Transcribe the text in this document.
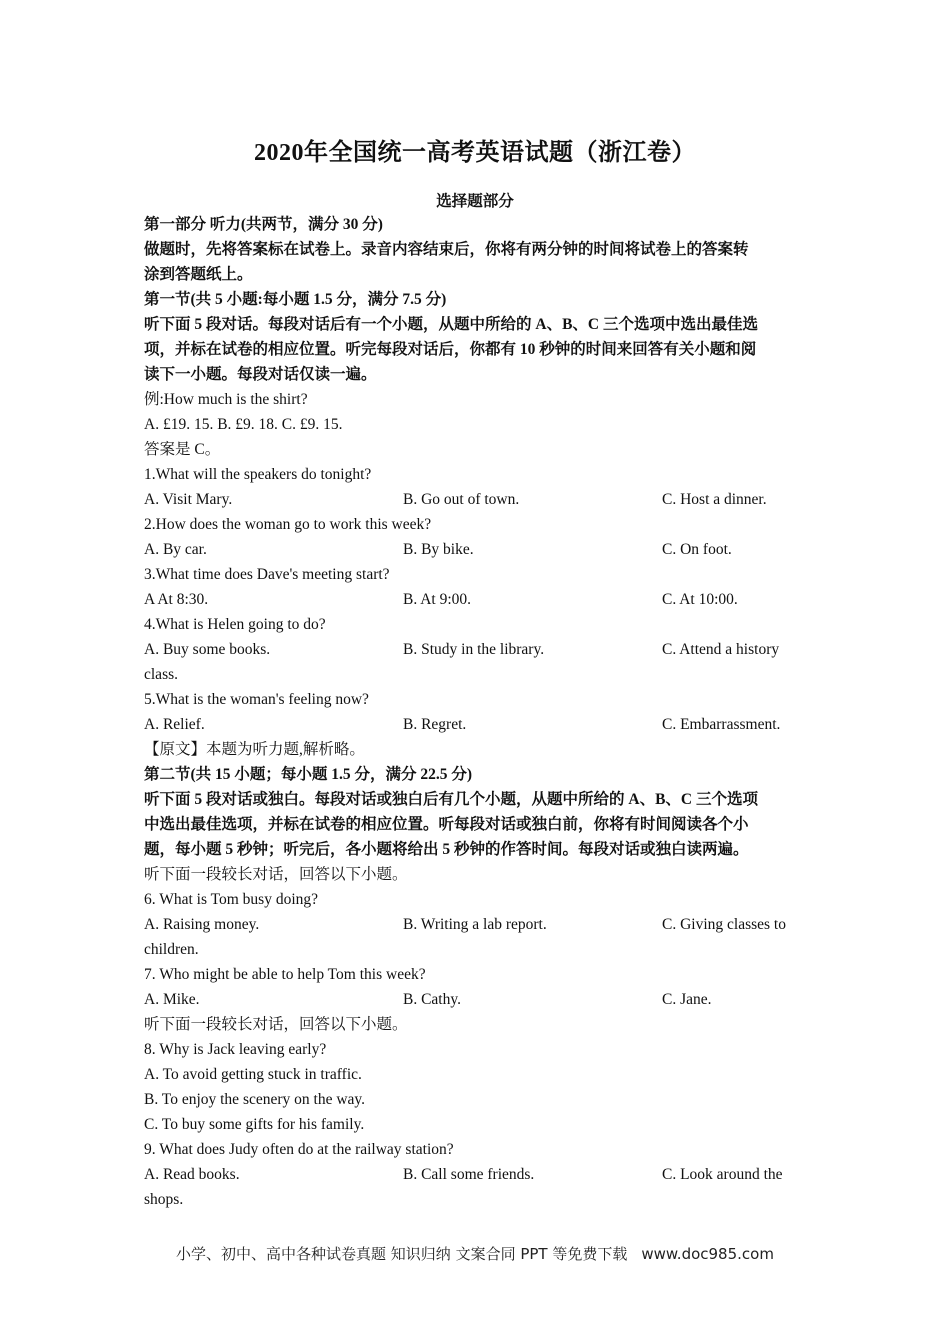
2020年全国统一高考英语试题（浙江卷）
选择题部分
第一部分 听力(共两节，满分 30 分)
做题时，先将答案标在试卷上。录音内容结束后，你将有两分钟的时间将试卷上的答案转
涂到答题纸上。
第一节(共 5 小题:每小题 1.5 分，满分 7.5 分)
听下面 5 段对话。每段对话后有一个小题，从题中所给的 A、B、C 三个选项中选出最佳选
项，并标在试卷的相应位置。听完每段对话后，你都有 10 秒钟的时间来回答有关小题和阅
读下一小题。每段对话仅读一遍。
例:How much is the shirt?
A. £19. 15. B. £9. 18. C. £9. 15.
答案是 C。
1.What will the speakers do tonight?
A. Visit Mary.	B. Go out of town.	C. Host a dinner.
2.How does the woman go to work this week?
A. By car.	B. By bike.	C. On foot.
3.What time does Dave's meeting start?
A At 8:30.	B. At 9:00.	C. At 10:00.
4.What is Helen going to do?
A. Buy some books.	B. Study in the library.	C. Attend a history
class.
5.What is the woman's feeling now?
A. Relief.	B. Regret.	C. Embarrassment.
【原文】本题为听力题,解析略。
第二节(共 15 小题；每小题 1.5 分，满分 22.5 分)
听下面 5 段对话或独白。每段对话或独白后有几个小题，从题中所给的 A、B、C 三个选项
中选出最佳选项，并标在试卷的相应位置。听每段对话或独白前，你将有时间阅读各个小
题，每小题 5 秒钟；听完后，各小题将给出 5 秒钟的作答时间。每段对话或独白读两遍。
听下面一段较长对话，回答以下小题。
6. What is Tom busy doing?
A. Raising money.	B. Writing a lab report.	C. Giving classes to
children.
7. Who might be able to help Tom this week?
A. Mike.	B. Cathy.	C. Jane.
听下面一段较长对话，回答以下小题。
8. Why is Jack leaving early?
A. To avoid getting stuck in traffic.
B. To enjoy the scenery on the way.
C. To buy some gifts for his family.
9. What does Judy often do at the railway station?
A. Read books.	B. Call some friends.	C. Look around the
shops.
小学、初中、高中各种试卷真题 知识归纳 文案合同 PPT 等免费下载 www.doc985.com
